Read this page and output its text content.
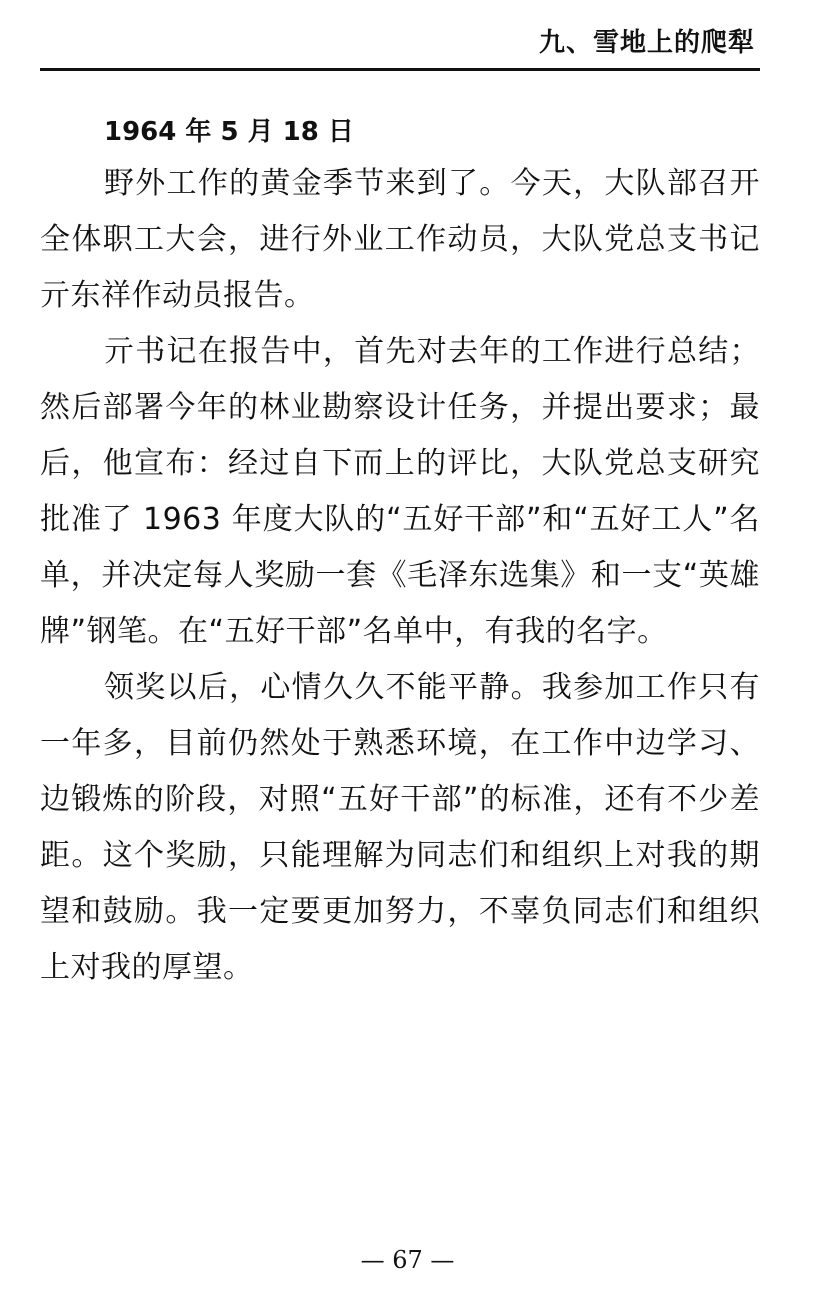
九、雪地上的爬犁
1964 年 5 月 18 日

野外工作的黄金季节来到了。今天，大队部召开全体职工大会，进行外业工作动员，大队党总支书记亓东祥作动员报告。

亓书记在报告中，首先对去年的工作进行总结；然后部署今年的林业勘察设计任务，并提出要求；最后，他宣布：经过自下而上的评比，大队党总支研究批准了 1963 年度大队的“五好干部”和“五好工人”名单，并决定每人奖励一套《毛泽东选集》和一支“英雄牌”钢笔。在“五好干部”名单中，有我的名字。

领奖以后，心情久久不能平静。我参加工作只有一年多，目前仍然处于熟悉环境，在工作中边学习、边锻炼的阶段，对照“五好干部”的标准，还有不少差距。这个奖励，只能理解为同志们和组织上对我的期望和鼓励。我一定要更加努力，不辜负同志们和组织上对我的厚望。

— 67 —
